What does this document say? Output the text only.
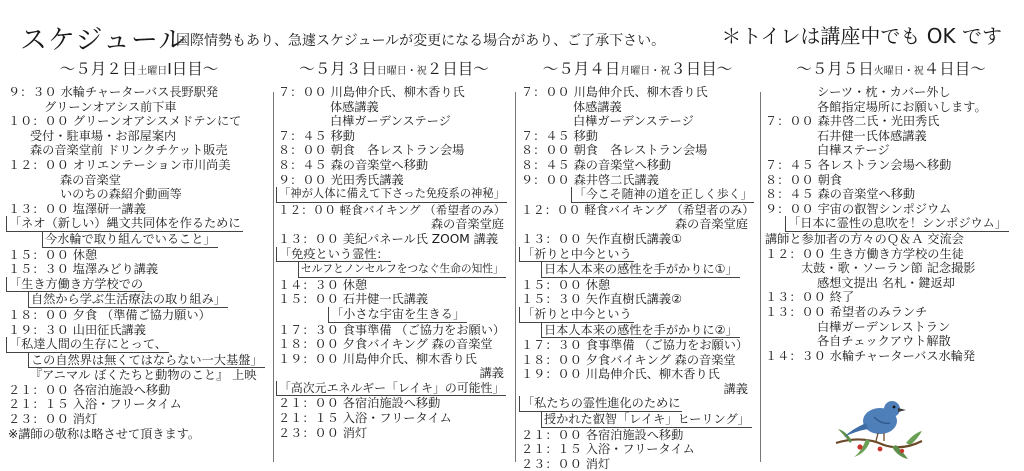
スケジュール
国際情勢もあり、急遽スケジュールが変更になる場合があり、ご了承下さい。	＊トイレは講座中でも OK です
～５月２日土曜日Ⅰ日目～
９：３０ 水輪チャーターバス長野駅発
グリーンオアシス前下車
１０：００ グリーンオアシスメドテンにて
受付・駐車場・お部屋案内
森の音楽堂前 ドリンクチケット販売
１２：００ オリエンテーション市川尚美
森の音楽堂
いのちの森紹介動画等
１３：００ 塩澤研一講義
「ネオ（新しい）縄文共同体を作るために
今水輪で取り組んでいること」
１５：００ 休憩
１５：３０ 塩澤みどり講義
「生き方働き方学校での
自然から学ぶ生活療法の取り組み」
１８：００ 夕食 （準備ご協力願い）
１９：３０ 山田征氏講義
「私達人間の生存にとって、
この自然界は無くてはならない一大基盤」
『アニマル ぼくたちと動物のこと』 上映
２１：００ 各宿泊施設へ移動
２１：１５ 入浴・フリータイム
２３：００ 消灯
※講師の敬称は略させて頂きます。
～５月３日日曜日・祝２日目～
７：００ 川島伸介氏、柳木香り氏
体感講義
白樺ガーデンステージ
７：４５ 移動
８：００ 朝食　各レストラン会場
８：４５ 森の音楽堂へ移動
９：００ 光田秀氏講義
「神が人体に備えて下さった免疫系の神秘」
１２：００ 軽食バイキング （希望者のみ）
森の音楽堂庭
１３：００ 美紀パネール氏 ZOOM 講義
「免疫という霊性：
セルフとノンセルフをつなぐ生命の知性」
１４：３０ 休憩
１５：００ 石井健一氏講義
「小さな宇宙を生きる」
１７：３０ 食事準備 （ご協力をお願い）
１８：００ 夕食バイキング 森の音楽堂
１９：００ 川島伸介氏、柳木香り氏
講義
「高次元エネルギー「レイキ」の可能性」
２１：００ 各宿泊施設へ移動
２１：１５ 入浴・フリータイム
２３：００ 消灯
～５月４日月曜日・祝３日目～
７：００ 川島伸介氏、柳木香り氏
体感講義
白樺ガーデンステージ
７：４５ 移動
８：００ 朝食　各レストラン会場
８：４５ 森の音楽堂へ移動
９：００ 森井啓二氏講義
「今こそ随神の道を正しく歩く」
１２：００ 軽食バイキング （希望者のみ）
森の音楽堂庭
１３：００ 矢作直樹氏講義①
「祈りと中今という
日本人本来の感性を手がかりに①」
１５：００ 休憩
１５：３０ 矢作直樹氏講義②
「祈りと中今という
日本人本来の感性を手がかりに②」
１７：３０ 食事準備 （ご協力をお願い）
１８：００ 夕食バイキング 森の音楽堂
１９：００ 川島伸介氏、柳木香り氏
講義
「私たちの霊性進化のために
授かれた叡智「レイキ」ヒーリング」
２１：００ 各宿泊施設へ移動
２１：１５ 入浴・フリータイム
２３：００ 消灯
～５月５日火曜日・祝４日目～
シーツ・枕・カバー外し
各館指定場所にお願いします。
７：００ 森井啓二氏・光田秀氏
石井健一氏体感講義
白樺ステージ
７：４５ 各レストラン会場へ移動
８：００ 朝食
８：４５ 森の音楽堂へ移動
９：００ 宇宙の叡智シンポジウム
「日本に霊性の息吹を！シンポジウム」
講師と参加者の方々のＱ＆Ａ 交流会
１２：００ 生き方働き方学校の生徒
太鼓・歌・ソーラン節 記念撮影
感想文提出 名札・鍵返却
１３：００ 終了
１３：００ 希望者のみランチ
白樺ガーデンレストラン
各自チェックアウト解散
１４：３０ 水輪チャーターバス水輪発
